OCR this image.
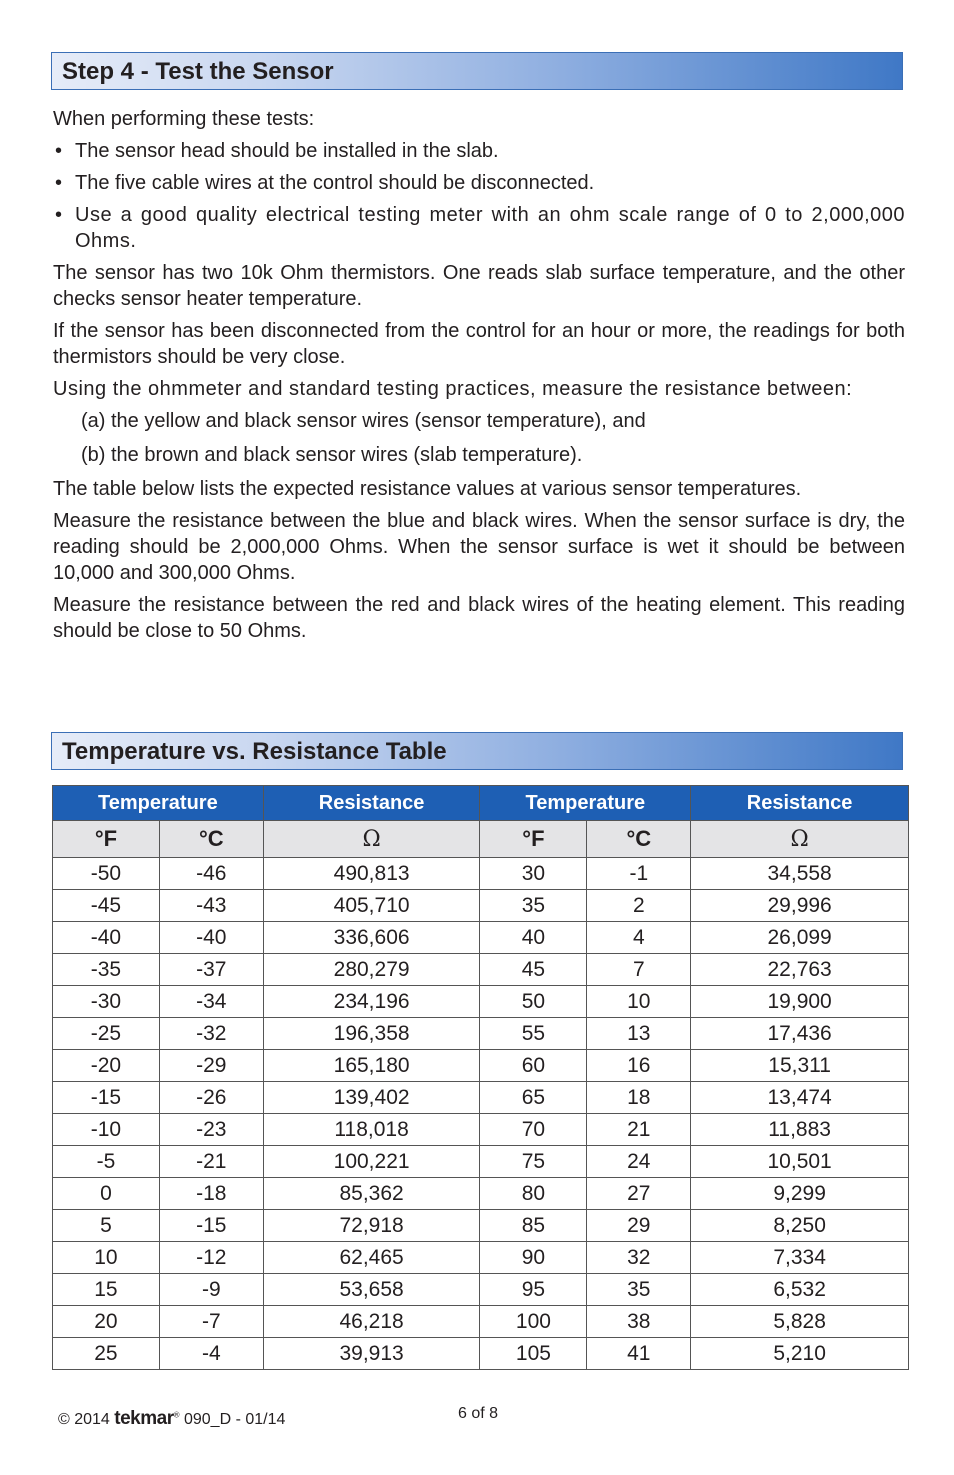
Step 4 - Test the Sensor

When performing these tests:

• The sensor head should be installed in the slab.
• The five cable wires at the control should be disconnected.
• Use a good quality electrical testing meter with an ohm scale range of 0 to 2,000,000 Ohms.

The sensor has two 10k Ohm thermistors. One reads slab surface temperature, and the other checks sensor heater temperature.

If the sensor has been disconnected from the control for an hour or more, the readings for both thermistors should be very close.

Using the ohmmeter and standard testing practices, measure the resistance between:

(a) the yellow and black sensor wires (sensor temperature), and

(b) the brown and black sensor wires (slab temperature).

The table below lists the expected resistance values at various sensor temperatures.

Measure the resistance between the blue and black wires. When the sensor surface is dry, the reading should be 2,000,000 Ohms. When the sensor surface is wet it should be between 10,000 and 300,000 Ohms.

Measure the resistance between the red and black wires of the heating element. This reading should be close to 50 Ohms.

Temperature vs. Resistance Table
Temperature		Resistance	Temperature		Resistance
°F	°C	Ω	°F	°C	Ω
-50	-46	490,813	30	-1	34,558
-45	-43	405,710	35	2	29,996
-40	-40	336,606	40	4	26,099
-35	-37	280,279	45	7	22,763
-30	-34	234,196	50	10	19,900
-25	-32	196,358	55	13	17,436
-20	-29	165,180	60	16	15,311
-15	-26	139,402	65	18	13,474
-10	-23	118,018	70	21	11,883
-5	-21	100,221	75	24	10,501
0	-18	85,362	80	27	9,299
5	-15	72,918	85	29	8,250
10	-12	62,465	90	32	7,334
15	-9	53,658	95	35	6,532
20	-7	46,218	100	38	5,828
25	-4	39,913	105	41	5,210
© 2014 tekmar® 090_D - 01/14	6 of 8
